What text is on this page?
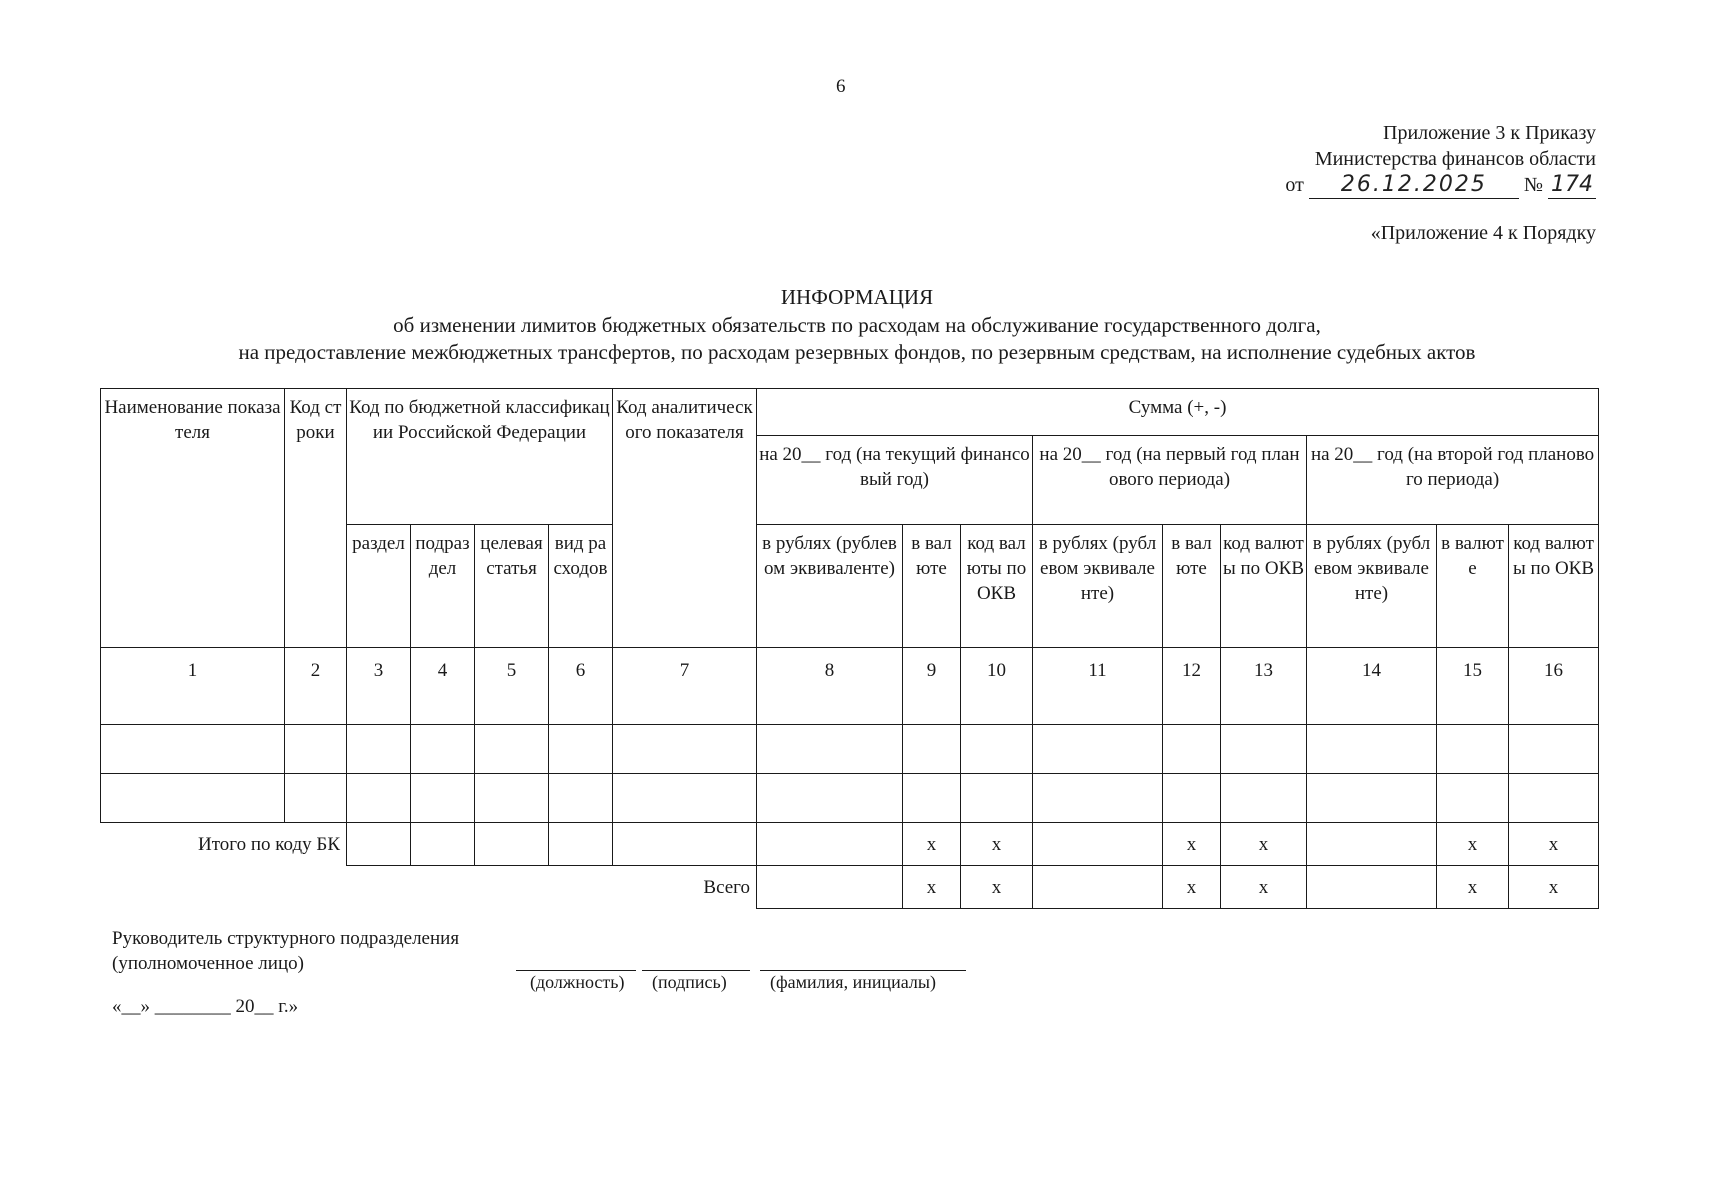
6
Приложение 3 к Приказу
Министерства финансов области
от 26.12.2025 № 174
«Приложение 4 к Порядку
ИНФОРМАЦИЯ
об изменении лимитов бюджетных обязательств по расходам на обслуживание государственного долга,
на предоставление межбюджетных трансфертов, по расходам резервных фондов, по резервным средствам, на исполнение судебных актов
Наименование показателя	Код строки	Код по бюджетной классификации Российской Федерации				Код аналитического показателя	Сумма (+, -)								
							на 20__ год (на текущий финансовый год)			на 20__ год (на первый год планового периода)			на 20__ год (на второй год планового периода)		
		раздел	подраздел	целевая статья	вид расходов		в рублях (рублевом эквиваленте)	в валюте	код валюты по ОКВ	в рублях (рублевом эквиваленте)	в валюте	код валюты по ОКВ	в рублях (рублевом эквиваленте)	в валюте	код валюты по ОКВ
1	2	3	4	5	6	7	8	9	10	11	12	13	14	15	16

Итого по коду БК								x	x		x	x		x	x
Всего								x	x		x	x		x	x
Руководитель структурного подразделения
(уполномоченное лицо)
(должность) (подпись) (фамилия, инициалы)
«__» ________ 20__ г.»
